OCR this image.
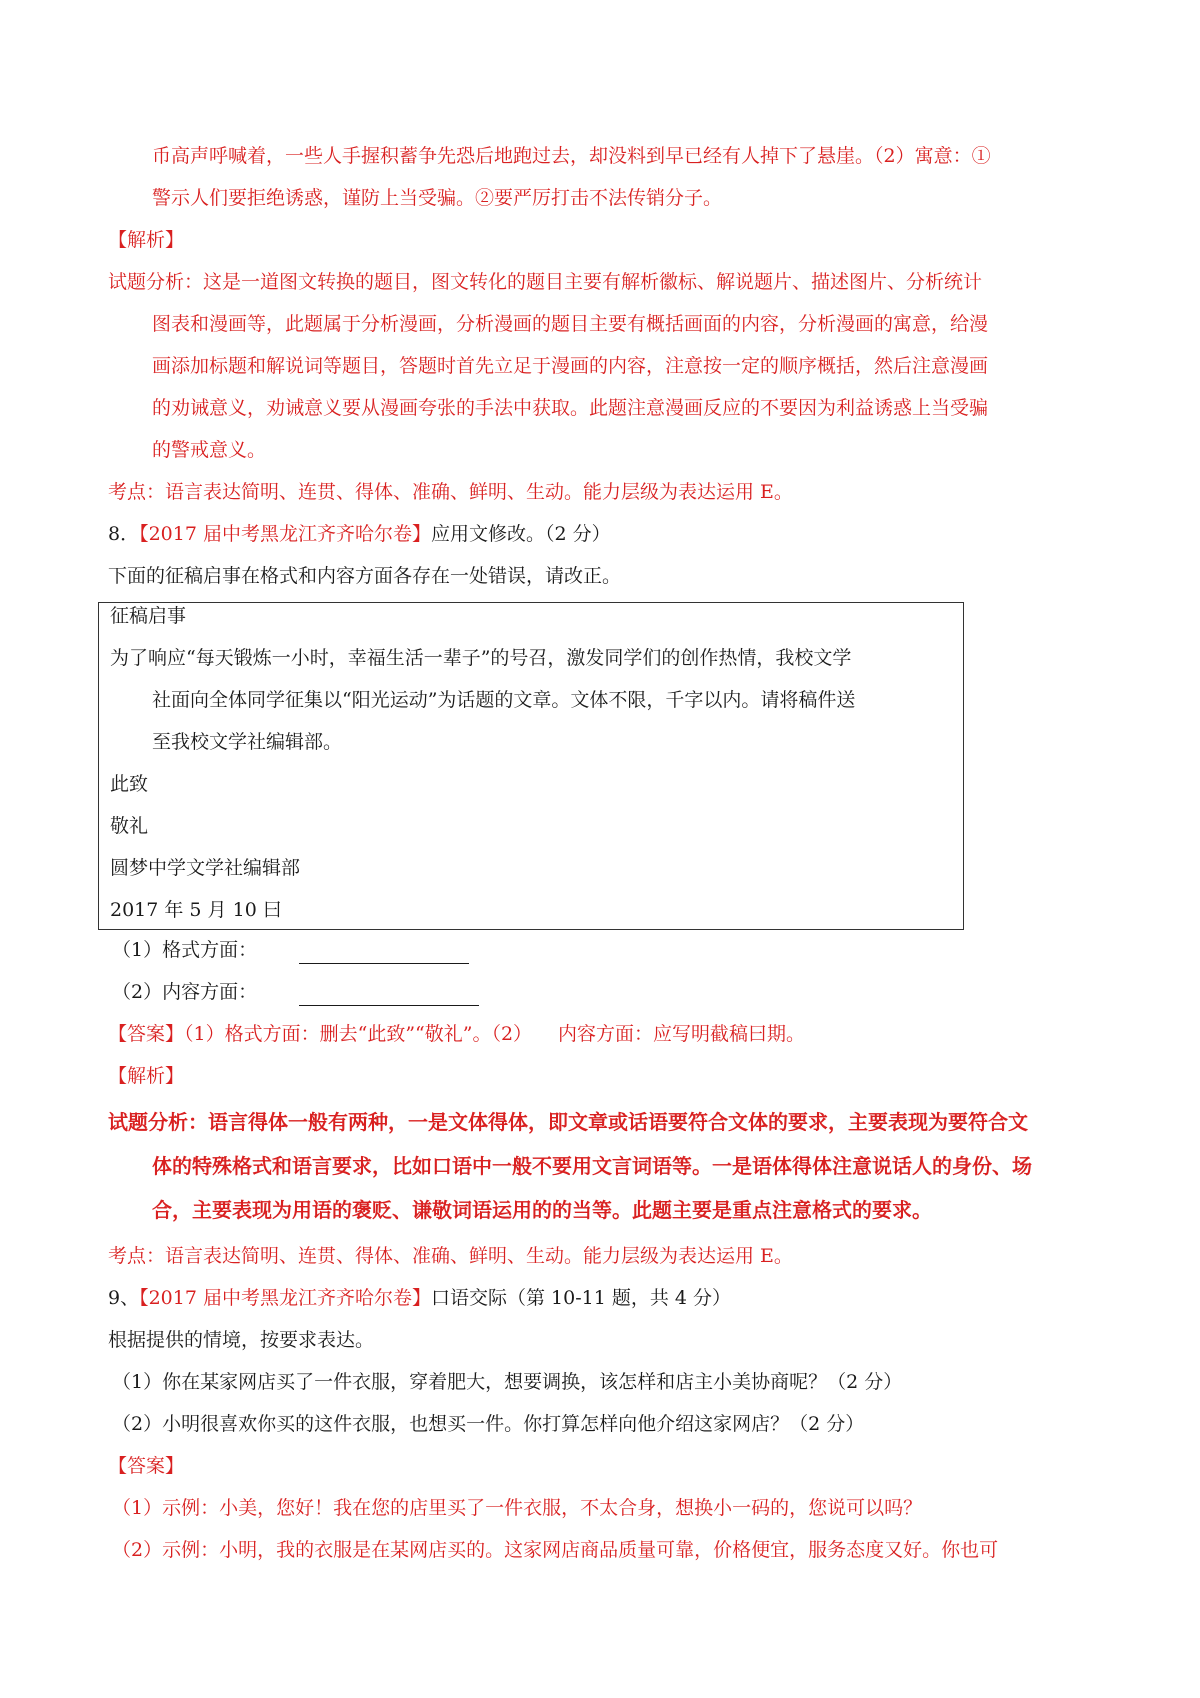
币高声呼喊着，一些人手握积蓄争先恐后地跑过去，却没料到早已经有人掉下了悬崖。（2）寓意：①
警示人们要拒绝诱惑，谨防上当受骗。②要严厉打击不法传销分子。
【解析】
试题分析：这是一道图文转换的题目，图文转化的题目主要有解析徽标、解说题片、描述图片、分析统计
图表和漫画等，此题属于分析漫画，分析漫画的题目主要有概括画面的内容，分析漫画的寓意，给漫
画添加标题和解说词等题目，答题时首先立足于漫画的内容，注意按一定的顺序概括，然后注意漫画
的劝诫意义，劝诫意义要从漫画夸张的手法中获取。此题注意漫画反应的不要因为利益诱惑上当受骗
的警戒意义。
考点：语言表达简明、连贯、得体、准确、鲜明、生动。能力层级为表达运用 E。
8．【2017 届中考黑龙江齐齐哈尔卷】应用文修改。（2 分）
下面的征稿启事在格式和内容方面各存在一处错误，请改正。
征稿启事
为了响应“每天锻炼一小时，幸福生活一辈子”的号召，激发同学们的创作热情，我校文学
社面向全体同学征集以“阳光运动”为话题的文章。文体不限，千字以内。请将稿件送
至我校文学社编辑部。
此致
敬礼
圆梦中学文学社编辑部
2017 年 5 月 10 曰
（1）格式方面：
（2）内容方面：
【答案】（1）格式方面：删去“此致”“敬礼”。（2） 内容方面：应写明截稿曰期。
【解析】
试题分析：语言得体一般有两种，一是文体得体，即文章或话语要符合文体的要求，主要表现为要符合文
体的特殊格式和语言要求，比如口语中一般不要用文言词语等。一是语体得体注意说话人的身份、场
合，主要表现为用语的褒贬、谦敬词语运用的的当等。此题主要是重点注意格式的要求。
考点：语言表达简明、连贯、得体、准确、鲜明、生动。能力层级为表达运用 E。
9、【2017 届中考黑龙江齐齐哈尔卷】口语交际（第 10-11 题，共 4 分）
根据提供的情境，按要求表达。
（1）你在某家网店买了一件衣服，穿着肥大，想要调换，该怎样和店主小美协商呢？（2 分）
（2）小明很喜欢你买的这件衣服，也想买一件。你打算怎样向他介绍这家网店？（2 分）
【答案】
（1）示例：小美，您好！我在您的店里买了一件衣服，不太合身，想换小一码的，您说可以吗？
（2）示例：小明，我的衣服是在某网店买的。这家网店商品质量可靠，价格便宜，服务态度又好。你也可
